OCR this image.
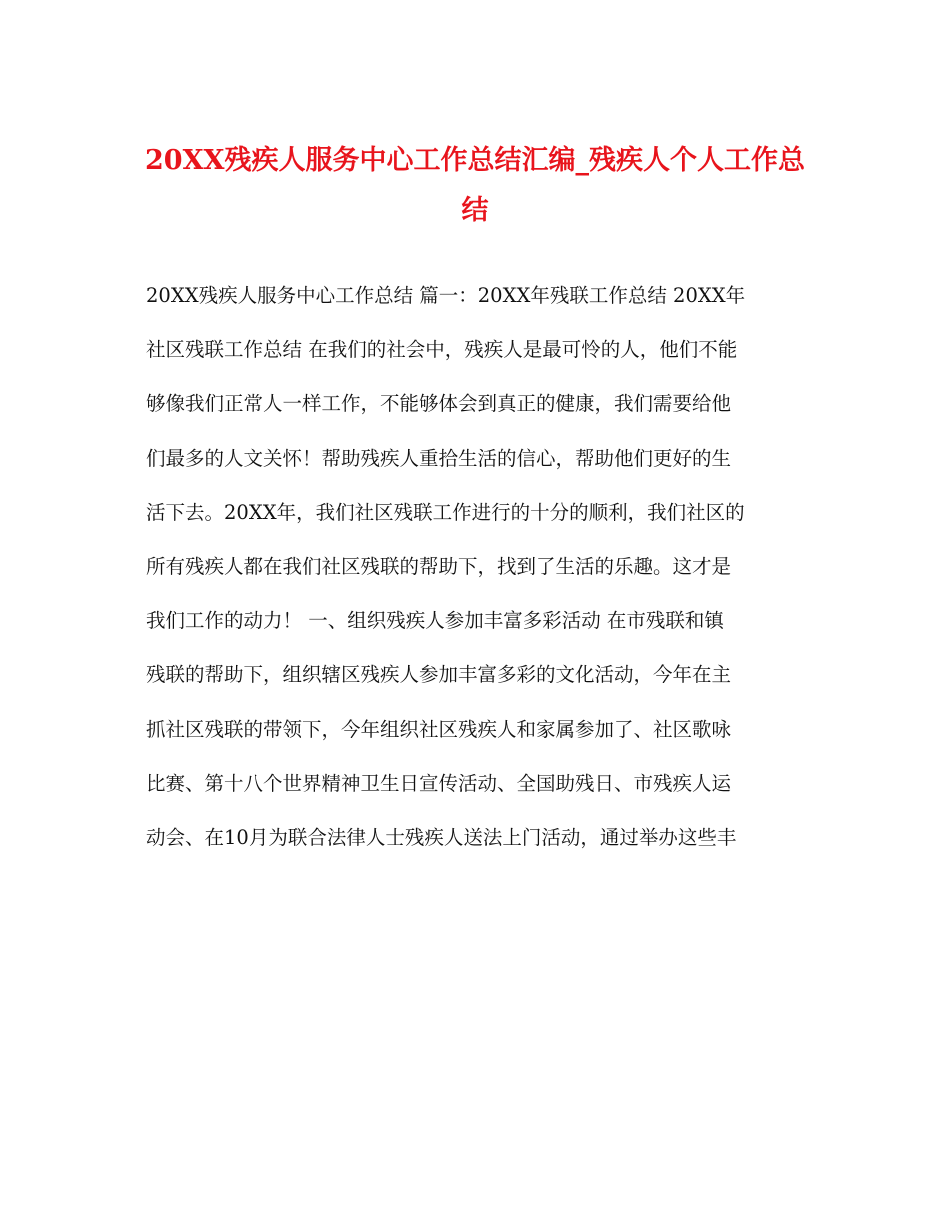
20XX残疾人服务中心工作总结汇编_残疾人个人工作总
结
20XX残疾人服务中心工作总结 篇一：20XX年残联工作总结 20XX年
社区残联工作总结 在我们的社会中，残疾人是最可怜的人，他们不能
够像我们正常人一样工作，不能够体会到真正的健康，我们需要给他
们最多的人文关怀！帮助残疾人重拾生活的信心，帮助他们更好的生
活下去。20XX年，我们社区残联工作进行的十分的顺利，我们社区的
所有残疾人都在我们社区残联的帮助下，找到了生活的乐趣。这才是
我们工作的动力！ 一、组织残疾人参加丰富多彩活动 在市残联和镇
残联的帮助下，组织辖区残疾人参加丰富多彩的文化活动，今年在主
抓社区残联的带领下，今年组织社区残疾人和家属参加了、社区歌咏
比赛、第十八个世界精神卫生日宣传活动、全国助残日、市残疾人运
动会、在10月为联合法律人士残疾人送法上门活动，通过举办这些丰
